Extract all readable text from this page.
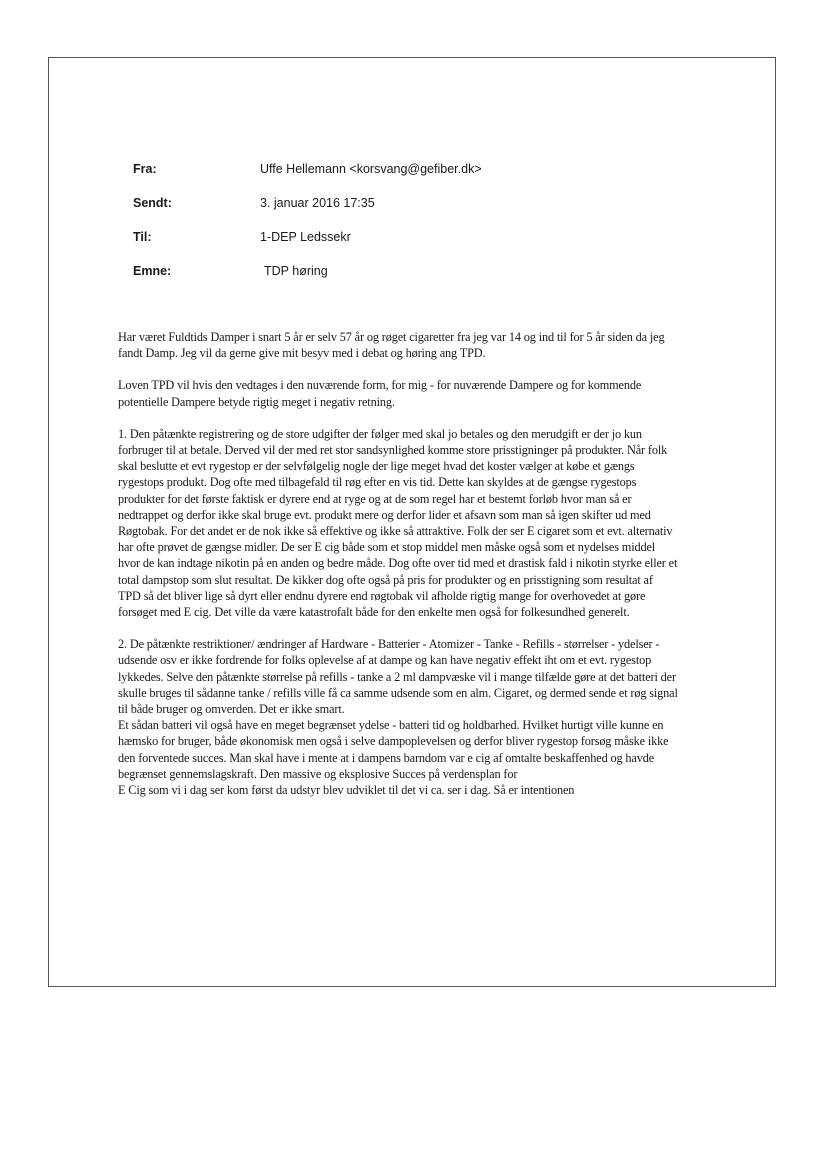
Fra:	Uffe Hellemann <korsvang@gefiber.dk>
Sendt:	3. januar 2016 17:35
Til:	1-DEP Ledssekr
Emne:	TDP høring

Har været Fuldtids Damper i snart 5 år er selv 57 år og røget cigaretter fra jeg var 14 og ind til for 5 år siden da jeg fandt Damp. Jeg vil da gerne give mit besyv med i debat og høring ang TPD.

Loven TPD vil hvis den vedtages i den nuværende form, for mig - for nuværende Dampere og for kommende potentielle Dampere betyde rigtig meget i negativ retning.

1. Den påtænkte registrering og de store udgifter der følger med skal jo betales og den merudgift er der jo kun forbruger til at betale. Derved vil der med ret stor sandsynlighed komme store prisstigninger på produkter. Når folk skal beslutte et evt rygestop er der selvfølgelig nogle der lige meget hvad det koster vælger at købe et gængs rygestops produkt. Dog ofte med tilbagefald til røg efter en vis tid. Dette kan skyldes at de gængse rygestops produkter for det første faktisk er dyrere end at ryge og at de som regel har et bestemt forløb hvor man så er nedtrappet og derfor ikke skal bruge evt. produkt mere og derfor lider et afsavn som man så igen skifter ud med Røgtobak. For det andet er de nok ikke så effektive og ikke så attraktive. Folk der ser E cigaret som et evt. alternativ har ofte prøvet de gængse midler. De ser E cig både som et stop middel men måske også som et nydelses middel hvor de kan indtage nikotin på en anden og bedre måde. Dog ofte over tid med et drastisk fald i nikotin styrke eller et total dampstop som slut resultat. De kikker dog ofte også på pris for produkter og en prisstigning som resultat af TPD så det bliver lige så dyrt eller endnu dyrere end røgtobak vil afholde rigtig mange for overhovedet at gøre forsøget med E cig. Det ville da være katastrofalt både for den enkelte men også for folkesundhed generelt.

2. De påtænkte restriktioner/ ændringer af Hardware - Batterier - Atomizer - Tanke - Refills - størrelser - ydelser - udsende osv er ikke fordrende for folks oplevelse af at dampe og kan have negativ effekt iht om et evt. rygestop lykkedes. Selve den påtænkte størrelse på refills - tanke a 2 ml dampvæske vil i mange tilfælde gøre at det batteri der skulle bruges til sådanne tanke / refills ville få ca samme udsende som en alm. Cigaret, og dermed sende et røg signal til både bruger og omverden. Det er ikke smart.

Et sådan batteri vil også have en meget begrænset ydelse - batteri tid og holdbarhed. Hvilket hurtigt ville kunne en hæmsko for bruger, både økonomisk men også i selve dampoplevelsen og derfor bliver rygestop forsøg måske ikke den forventede succes. Man skal have i mente at i dampens barndom var e cig af omtalte beskaffenhed og havde begrænset gennemslagskraft. Den massive og eksplosive Succes på verdensplan for

E Cig som vi i dag ser kom først da udstyr blev udviklet til det vi ca. ser i dag. Så er intentionen
